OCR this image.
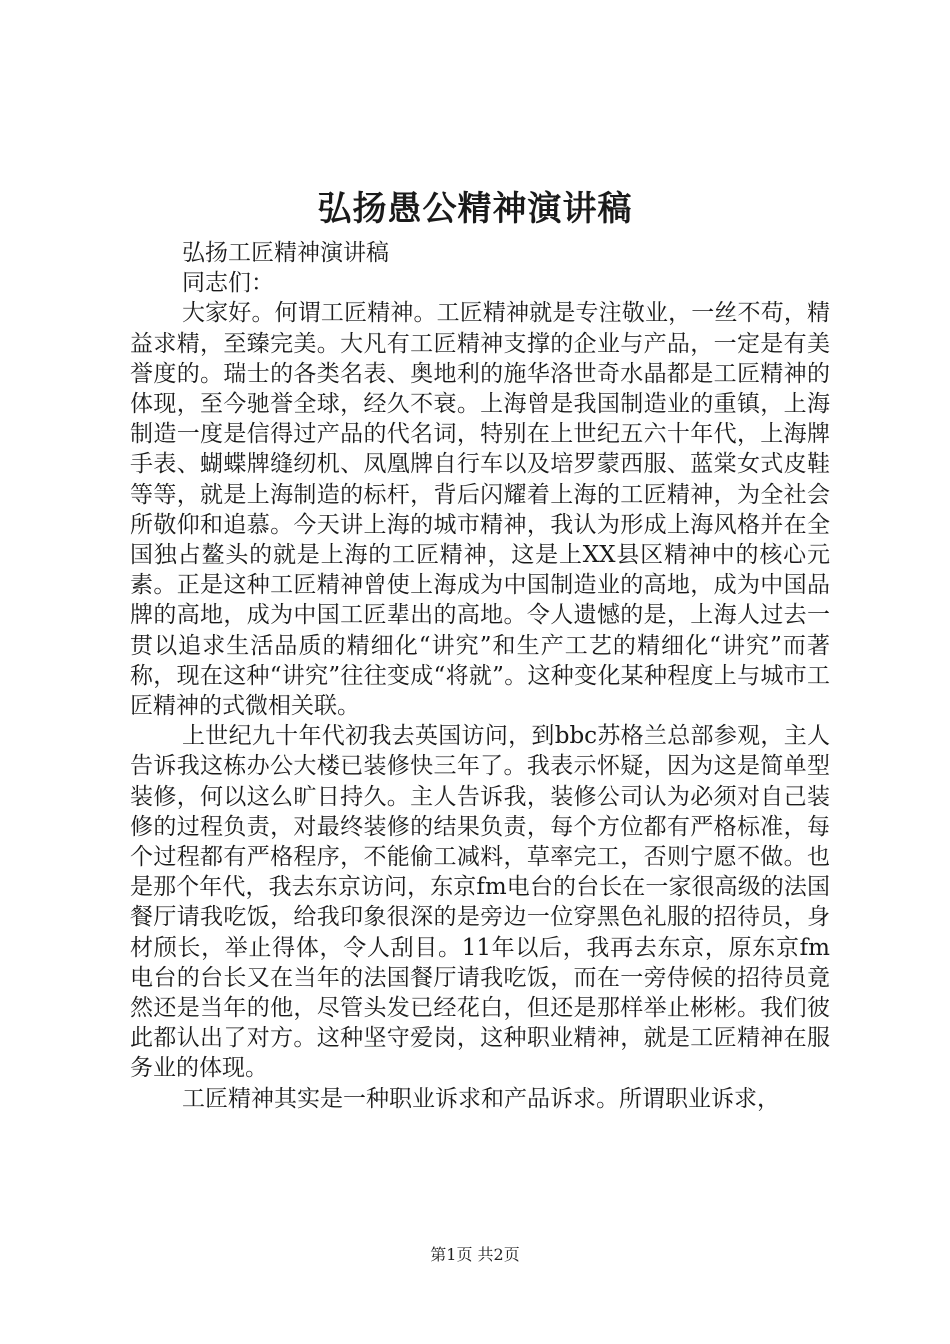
弘扬愚公精神演讲稿

弘扬工匠精神演讲稿

同志们：

大家好。何谓工匠精神。工匠精神就是专注敬业，一丝不苟，精益求精，至臻完美。大凡有工匠精神支撑的企业与产品，一定是有美誉度的。瑞士的各类名表、奥地利的施华洛世奇水晶都是工匠精神的体现，至今驰誉全球，经久不衰。上海曾是我国制造业的重镇，上海制造一度是信得过产品的代名词，特别在上世纪五六十年代，上海牌手表、蝴蝶牌缝纫机、凤凰牌自行车以及培罗蒙西服、蓝棠女式皮鞋等等，就是上海制造的标杆，背后闪耀着上海的工匠精神，为全社会所敬仰和追慕。今天讲上海的城市精神，我认为形成上海风格并在全国独占鳌头的就是上海的工匠精神，这是上XX县区精神中的核心元素。正是这种工匠精神曾使上海成为中国制造业的高地，成为中国品牌的高地，成为中国工匠辈出的高地。令人遗憾的是，上海人过去一贯以追求生活品质的精细化“讲究”和生产工艺的精细化“讲究”而著称，现在这种“讲究”往往变成“将就”。这种变化某种程度上与城市工匠精神的式微相关联。

上世纪九十年代初我去英国访问，到bbc苏格兰总部参观，主人告诉我这栋办公大楼已装修快三年了。我表示怀疑，因为这是简单型装修，何以这么旷日持久。主人告诉我，装修公司认为必须对自己装修的过程负责，对最终装修的结果负责，每个方位都有严格标准，每个过程都有严格程序，不能偷工减料，草率完工，否则宁愿不做。也是那个年代，我去东京访问，东京fm电台的台长在一家很高级的法国餐厅请我吃饭，给我印象很深的是旁边一位穿黑色礼服的招待员，身材颀长，举止得体，令人刮目。11年以后，我再去东京，原东京fm电台的台长又在当年的法国餐厅请我吃饭，而在一旁侍候的招待员竟然还是当年的他，尽管头发已经花白，但还是那样举止彬彬。我们彼此都认出了对方。这种坚守爱岗，这种职业精神，就是工匠精神在服务业的体现。

工匠精神其实是一种职业诉求和产品诉求。所谓职业诉求，

第1页 共2页
